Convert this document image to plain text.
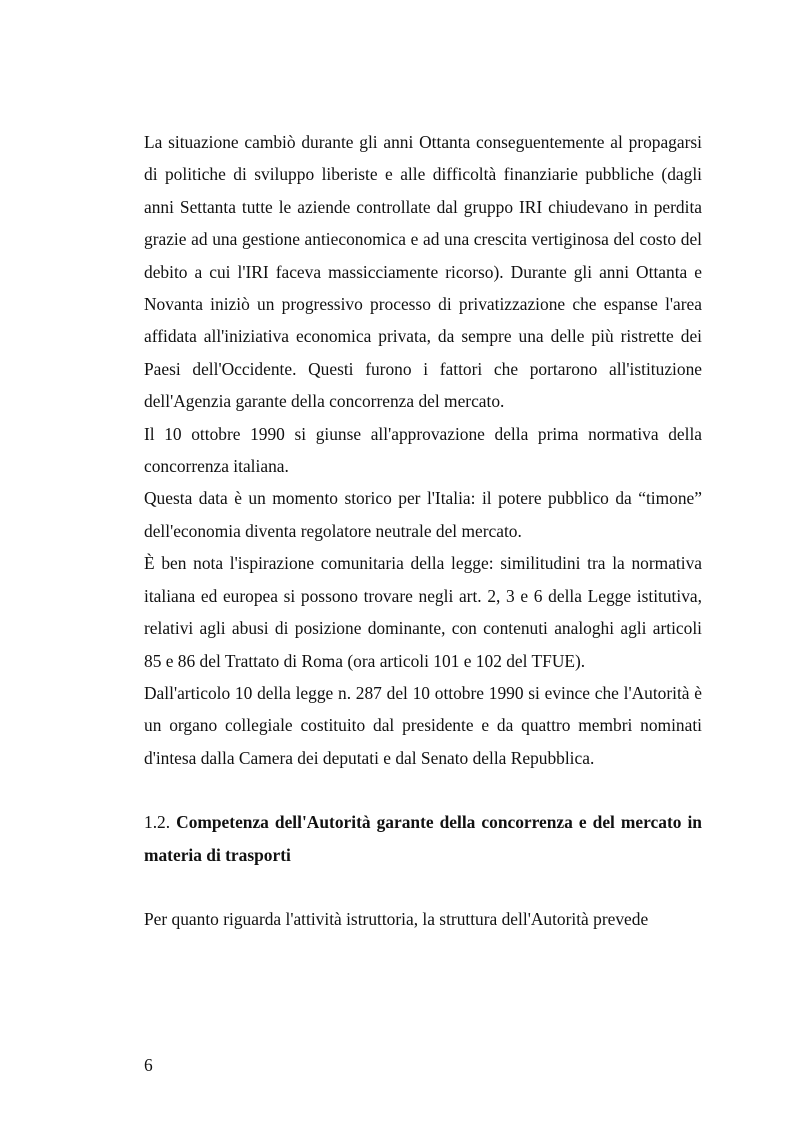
La situazione cambiò durante gli anni Ottanta conseguentemente al propagarsi di politiche di sviluppo liberiste e alle difficoltà finanziarie pubbliche (dagli anni Settanta tutte le aziende controllate dal gruppo IRI chiudevano in perdita grazie ad una gestione antieconomica e ad una crescita vertiginosa del costo del debito a cui l'IRI faceva massicciamente ricorso). Durante gli anni Ottanta e Novanta iniziò un progressivo processo di privatizzazione che espanse l'area affidata all'iniziativa economica privata, da sempre una delle più ristrette dei Paesi dell'Occidente. Questi furono i fattori che portarono all'istituzione dell'Agenzia garante della concorrenza del mercato.

Il 10 ottobre 1990 si giunse all'approvazione della prima normativa della concorrenza italiana.

Questa data è un momento storico per l'Italia: il potere pubblico da “timone” dell'economia diventa regolatore neutrale del mercato.

È ben nota l'ispirazione comunitaria della legge: similitudini tra la normativa italiana ed europea si possono trovare negli art. 2, 3 e 6 della Legge istitutiva, relativi agli abusi di posizione dominante, con contenuti analoghi agli articoli 85 e 86 del Trattato di Roma (ora articoli 101 e 102 del TFUE).

Dall'articolo 10 della legge n. 287 del 10 ottobre 1990 si evince che l'Autorità è un organo collegiale costituito dal presidente e da quattro membri nominati d'intesa dalla Camera dei deputati e dal Senato della Repubblica.

1.2. Competenza dell'Autorità garante della concorrenza e del mercato in materia di trasporti

Per quanto riguarda l'attività istruttoria, la struttura dell'Autorità prevede

6
